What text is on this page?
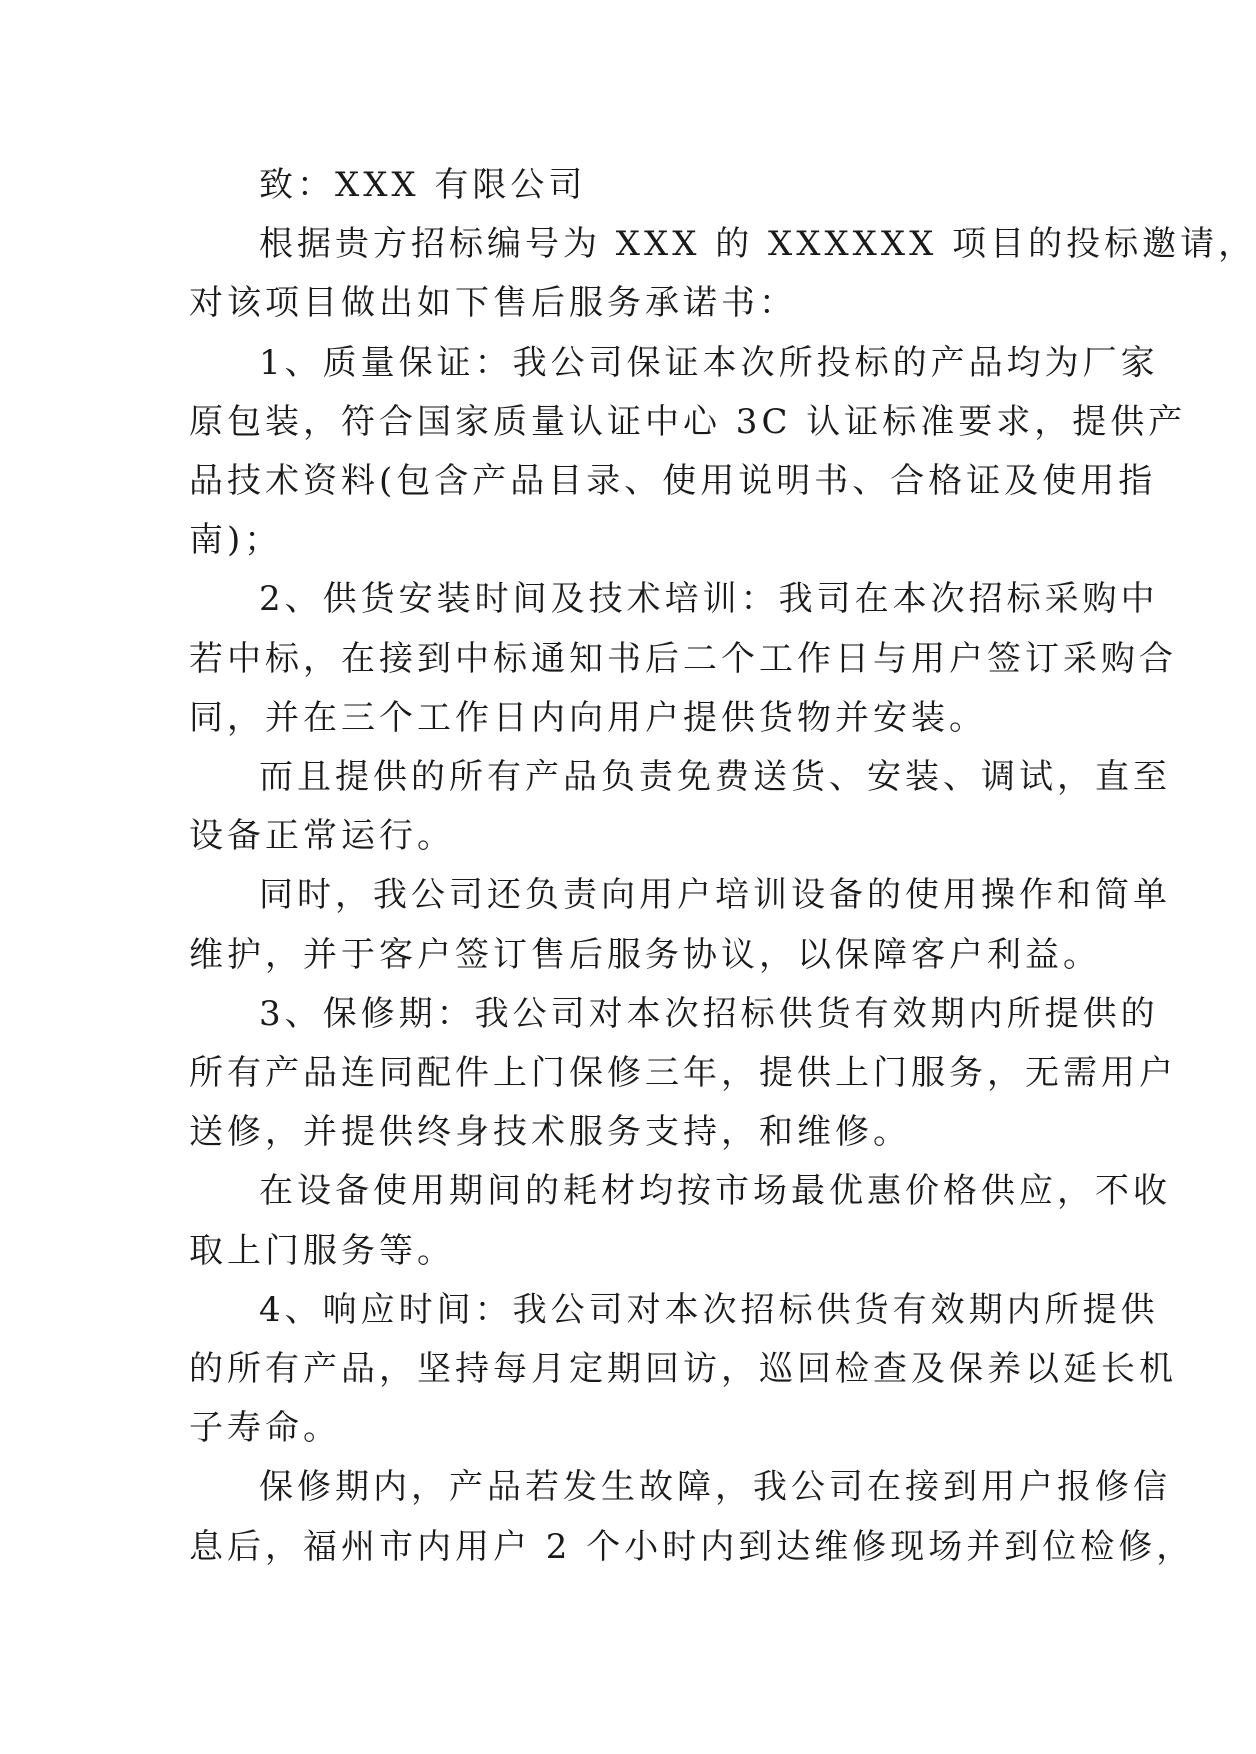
致：XXX 有限公司
根据贵方招标编号为 XXX 的 XXXXXX 项目的投标邀请，
对该项目做出如下售后服务承诺书：
1、质量保证：我公司保证本次所投标的产品均为厂家
原包装，符合国家质量认证中心 3C 认证标准要求，提供产
品技术资料(包含产品目录、使用说明书、合格证及使用指
南)；
2、供货安装时间及技术培训：我司在本次招标采购中
若中标，在接到中标通知书后二个工作日与用户签订采购合
同，并在三个工作日内向用户提供货物并安装。
而且提供的所有产品负责免费送货、安装、调试，直至
设备正常运行。
同时，我公司还负责向用户培训设备的使用操作和简单
维护，并于客户签订售后服务协议，以保障客户利益。
3、保修期：我公司对本次招标供货有效期内所提供的
所有产品连同配件上门保修三年，提供上门服务，无需用户
送修，并提供终身技术服务支持，和维修。
在设备使用期间的耗材均按市场最优惠价格供应，不收
取上门服务等。
4、响应时间：我公司对本次招标供货有效期内所提供
的所有产品，坚持每月定期回访，巡回检查及保养以延长机
子寿命。
保修期内，产品若发生故障，我公司在接到用户报修信
息后，福州市内用户 2 个小时内到达维修现场并到位检修，
